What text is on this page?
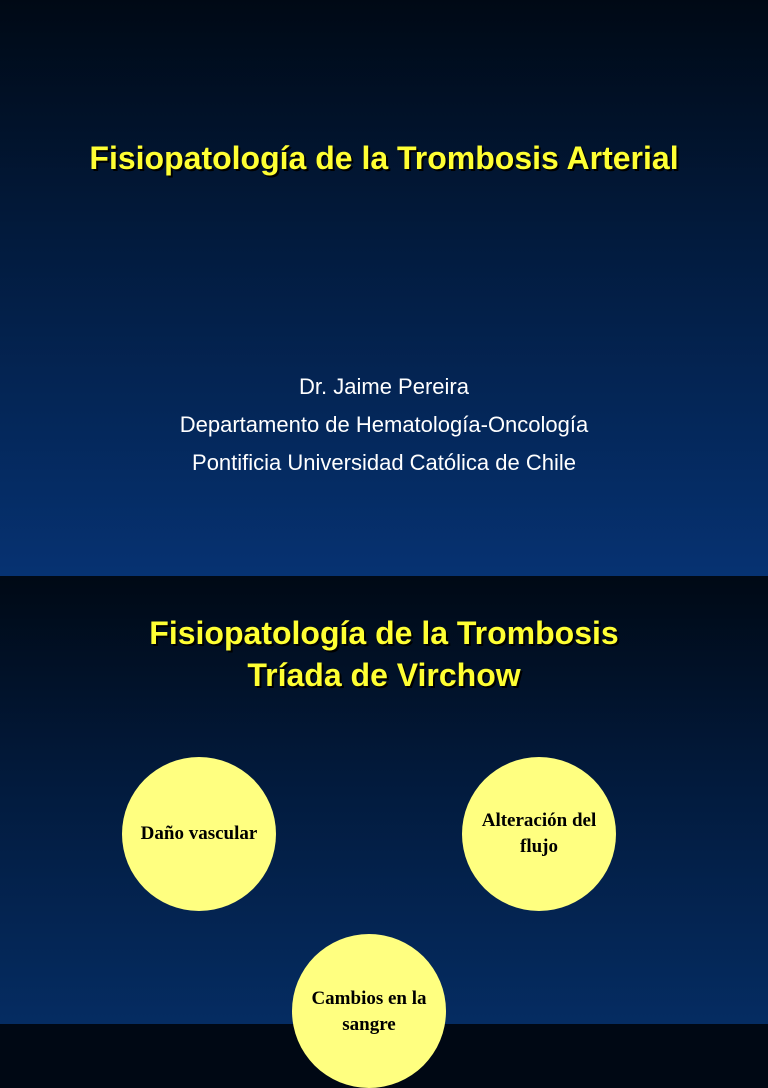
Fisiopatología de la Trombosis Arterial
Dr. Jaime Pereira
Departamento de Hematología-Oncología
Pontificia Universidad Católica de Chile
Fisiopatología de la Trombosis
Tríada de Virchow
Daño vascular
Alteración del flujo
Cambios en la sangre
